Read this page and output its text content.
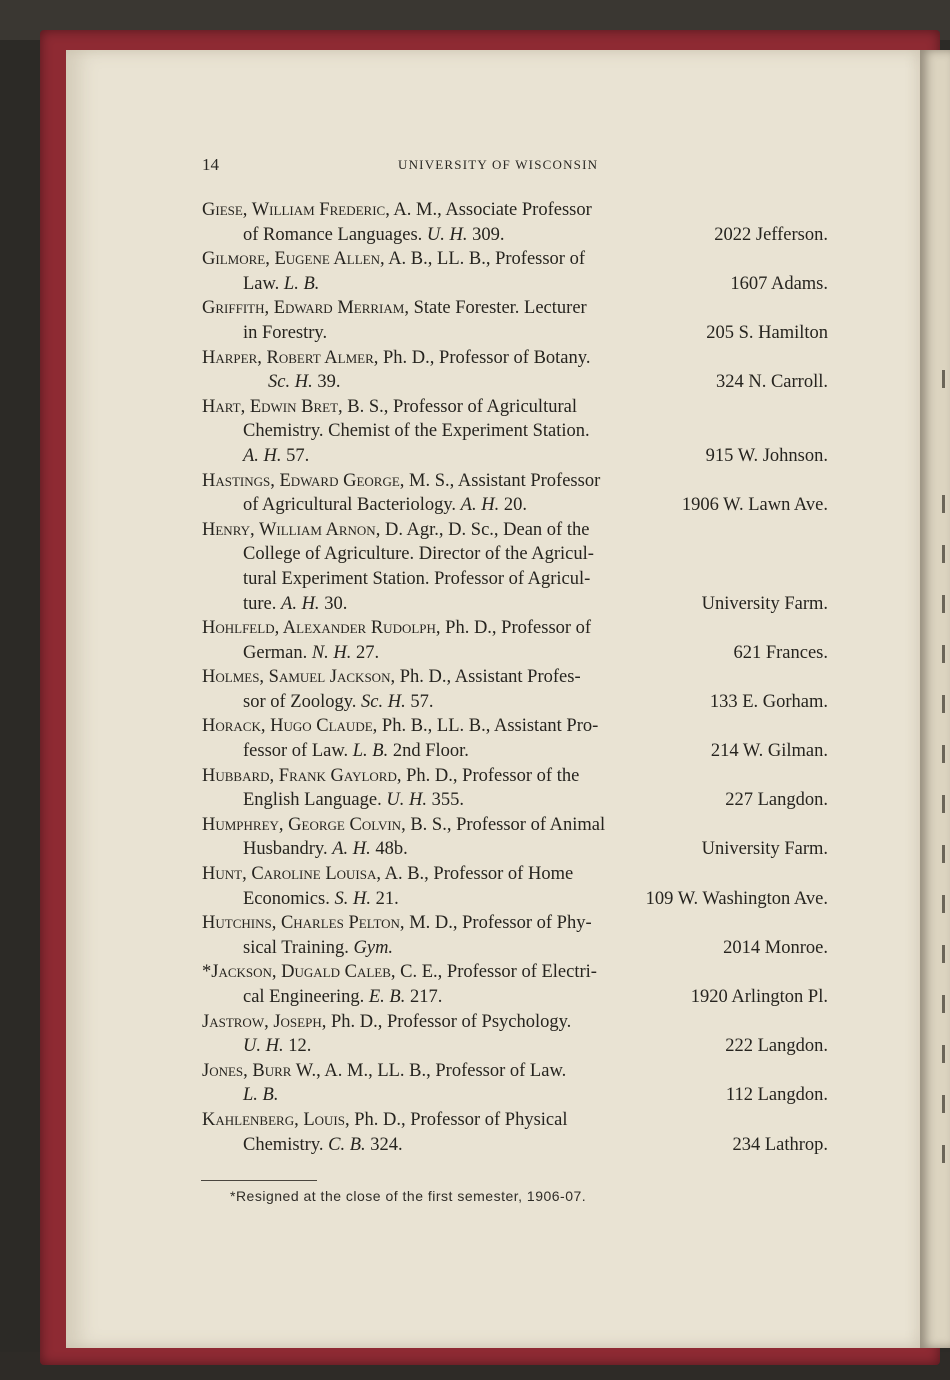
14	UNIVERSITY OF WISCONSIN
Giese, William Frederic, A. M., Associate Professor
of Romance Languages. U. H. 309.	2022 Jefferson.
Gilmore, Eugene Allen, A. B., LL. B., Professor of
Law. L. B.	1607 Adams.
Griffith, Edward Merriam, State Forester. Lecturer
in Forestry.	205 S. Hamilton
Harper, Robert Almer, Ph. D., Professor of Botany.
Sc. H. 39.	324 N. Carroll.
Hart, Edwin Bret, B. S., Professor of Agricultural
Chemistry. Chemist of the Experiment Station.
A. H. 57.	915 W. Johnson.
Hastings, Edward George, M. S., Assistant Professor
of Agricultural Bacteriology. A. H. 20.	1906 W. Lawn Ave.
Henry, William Arnon, D. Agr., D. Sc., Dean of the
College of Agriculture. Director of the Agricul-
tural Experiment Station. Professor of Agricul-
ture. A. H. 30.	University Farm.
Hohlfeld, Alexander Rudolph, Ph. D., Professor of
German. N. H. 27.	621 Frances.
Holmes, Samuel Jackson, Ph. D., Assistant Profes-
sor of Zoology. Sc. H. 57.	133 E. Gorham.
Horack, Hugo Claude, Ph. B., LL. B., Assistant Pro-
fessor of Law. L. B. 2nd Floor.	214 W. Gilman.
Hubbard, Frank Gaylord, Ph. D., Professor of the
English Language. U. H. 355.	227 Langdon.
Humphrey, George Colvin, B. S., Professor of Animal
Husbandry. A. H. 48b.	University Farm.
Hunt, Caroline Louisa, A. B., Professor of Home
Economics. S. H. 21.	109 W. Washington Ave.
Hutchins, Charles Pelton, M. D., Professor of Phy-
sical Training. Gym.	2014 Monroe.
*Jackson, Dugald Caleb, C. E., Professor of Electri-
cal Engineering. E. B. 217.	1920 Arlington Pl.
Jastrow, Joseph, Ph. D., Professor of Psychology.
U. H. 12.	222 Langdon.
Jones, Burr W., A. M., LL. B., Professor of Law.
L. B.	112 Langdon.
Kahlenberg, Louis, Ph. D., Professor of Physical
Chemistry. C. B. 324.	234 Lathrop.
*Resigned at the close of the first semester, 1906-07.
